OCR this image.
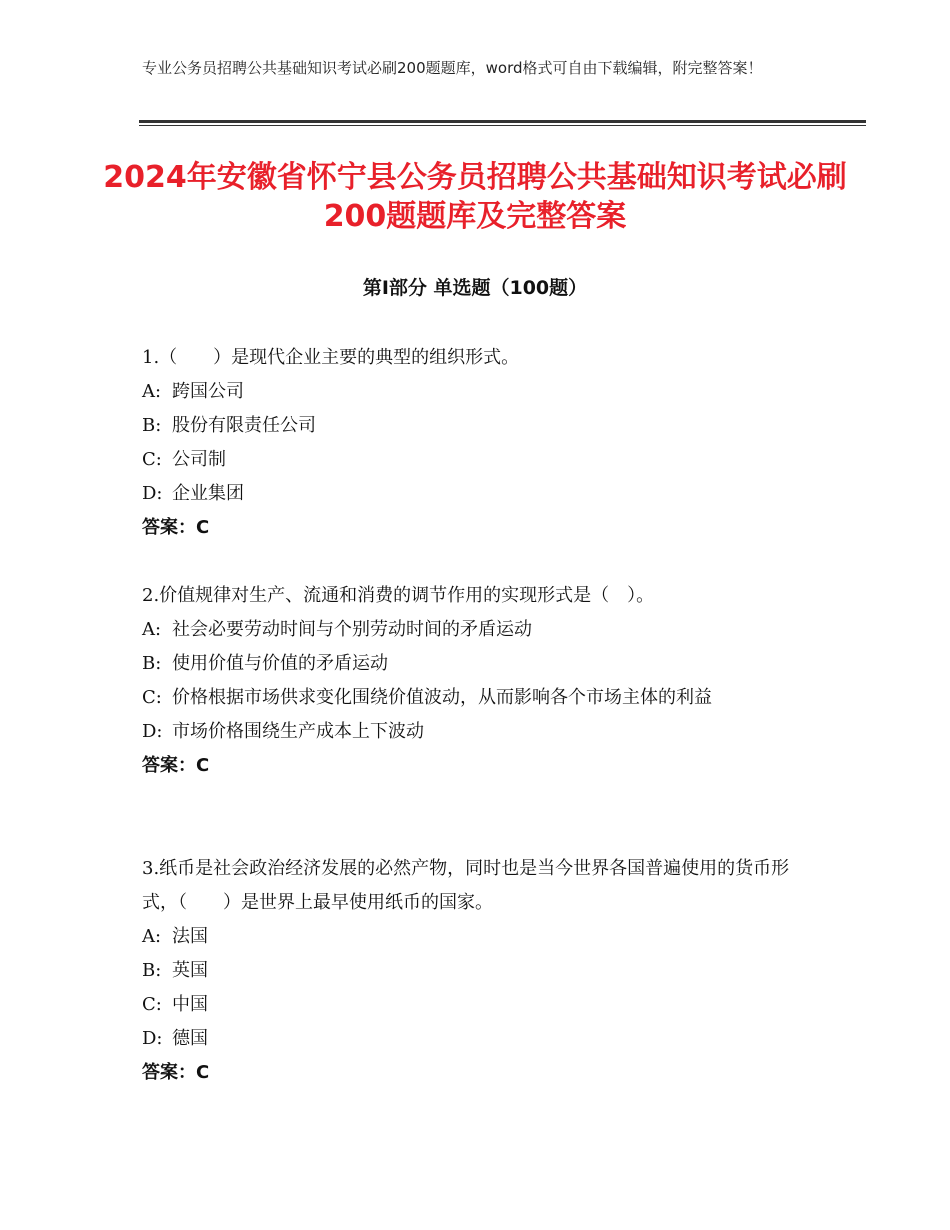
专业公务员招聘公共基础知识考试必刷200题题库，word格式可自由下载编辑，附完整答案！
2024年安徽省怀宁县公务员招聘公共基础知识考试必刷200题题库及完整答案
第Ⅰ部分 单选题（100题）

1.（　　）是现代企业主要的典型的组织形式。

A: 跨国公司

B: 股份有限责任公司

C: 公司制

D: 企业集团

答案：C

2.价值规律对生产、流通和消费的调节作用的实现形式是（　）。

A: 社会必要劳动时间与个别劳动时间的矛盾运动

B: 使用价值与价值的矛盾运动

C: 价格根据市场供求变化围绕价值波动，从而影响各个市场主体的利益

D: 市场价格围绕生产成本上下波动

答案：C

3.纸币是社会政治经济发展的必然产物，同时也是当今世界各国普遍使用的货币形式，（　　）是世界上最早使用纸币的国家。

A: 法国

B: 英国

C: 中国

D: 德国

答案：C
